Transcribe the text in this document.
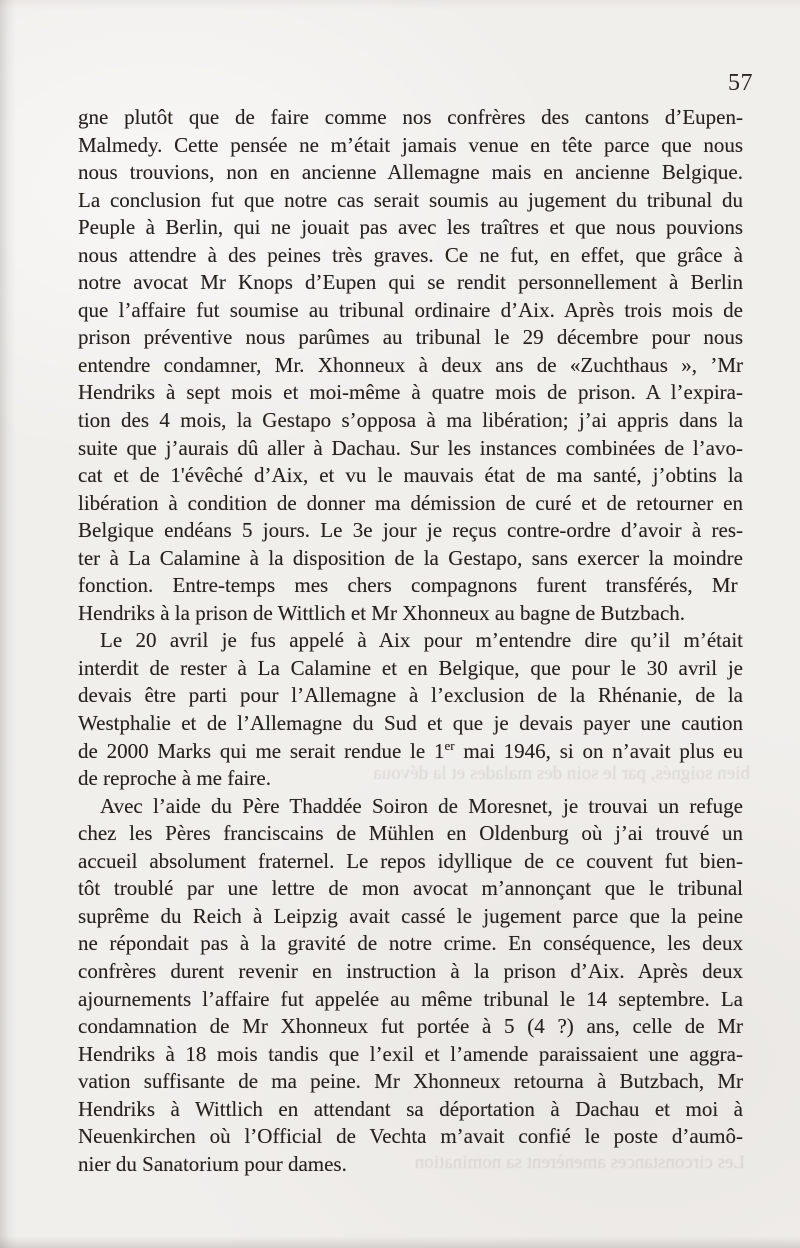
bien soignés, par le soin des malades et la dévoua
Les circonstances amenèrent sa nomination
57
gne plutôt que de faire comme nos confrères des cantons d’Eupen-
Malmedy. Cette pensée ne m’était jamais venue en tête parce que nous
nous trouvions, non en ancienne Allemagne mais en ancienne Belgique.
La conclusion fut que notre cas serait soumis au jugement du tribunal du
Peuple à Berlin, qui ne jouait pas avec les traîtres et que nous pouvions
nous attendre à des peines très graves. Ce ne fut, en effet, que grâce à
notre avocat Mr Knops d’Eupen qui se rendit personnellement à Berlin
que l’affaire fut soumise au tribunal ordinaire d’Aix. Après trois mois de
prison préventive nous parûmes au tribunal le 29 décembre pour nous
entendre condamner, Mr. Xhonneux à deux ans de «Zuchthaus », ’Mr
Hendriks à sept mois et moi-même à quatre mois de prison. A l’expira-
tion des 4 mois, la Gestapo s’opposa à ma libération; j’ai appris dans la
suite que j’aurais dû aller à Dachau. Sur les instances combinées de l’avo-
cat et de 1'évêché d’Aix, et vu le mauvais état de ma santé, j’obtins la
libération à condition de donner ma démission de curé et de retourner en
Belgique endéans 5 jours. Le 3e jour je reçus contre-ordre d’avoir à res-
ter à La Calamine à la disposition de la Gestapo, sans exercer la moindre
fonction. Entre-temps mes chers compagnons furent transférés, Mr
Hendriks à la prison de Wittlich et Mr Xhonneux au bagne de Butzbach.
Le 20 avril je fus appelé à Aix pour m’entendre dire qu’il m’était
interdit de rester à La Calamine et en Belgique, que pour le 30 avril je
devais être parti pour l’Allemagne à l’exclusion de la Rhénanie, de la
Westphalie et de l’Allemagne du Sud et que je devais payer une caution
de 2000 Marks qui me serait rendue le 1er mai 1946, si on n’avait plus eu
de reproche à me faire.
Avec l’aide du Père Thaddée Soiron de Moresnet, je trouvai un refuge
chez les Pères franciscains de Mühlen en Oldenburg où j’ai trouvé un
accueil absolument fraternel. Le repos idyllique de ce couvent fut bien-
tôt troublé par une lettre de mon avocat m’annonçant que le tribunal
suprême du Reich à Leipzig avait cassé le jugement parce que la peine
ne répondait pas à la gravité de notre crime. En conséquence, les deux
confrères durent revenir en instruction à la prison d’Aix. Après deux
ajournements l’affaire fut appelée au même tribunal le 14 septembre. La
condamnation de Mr Xhonneux fut portée à 5 (4 ?) ans, celle de Mr
Hendriks à 18 mois tandis que l’exil et l’amende paraissaient une aggra-
vation suffisante de ma peine. Mr Xhonneux retourna à Butzbach, Mr
Hendriks à Wittlich en attendant sa déportation à Dachau et moi à
Neuenkirchen où l’Official de Vechta m’avait confié le poste d’aumô-
nier du Sanatorium pour dames.
